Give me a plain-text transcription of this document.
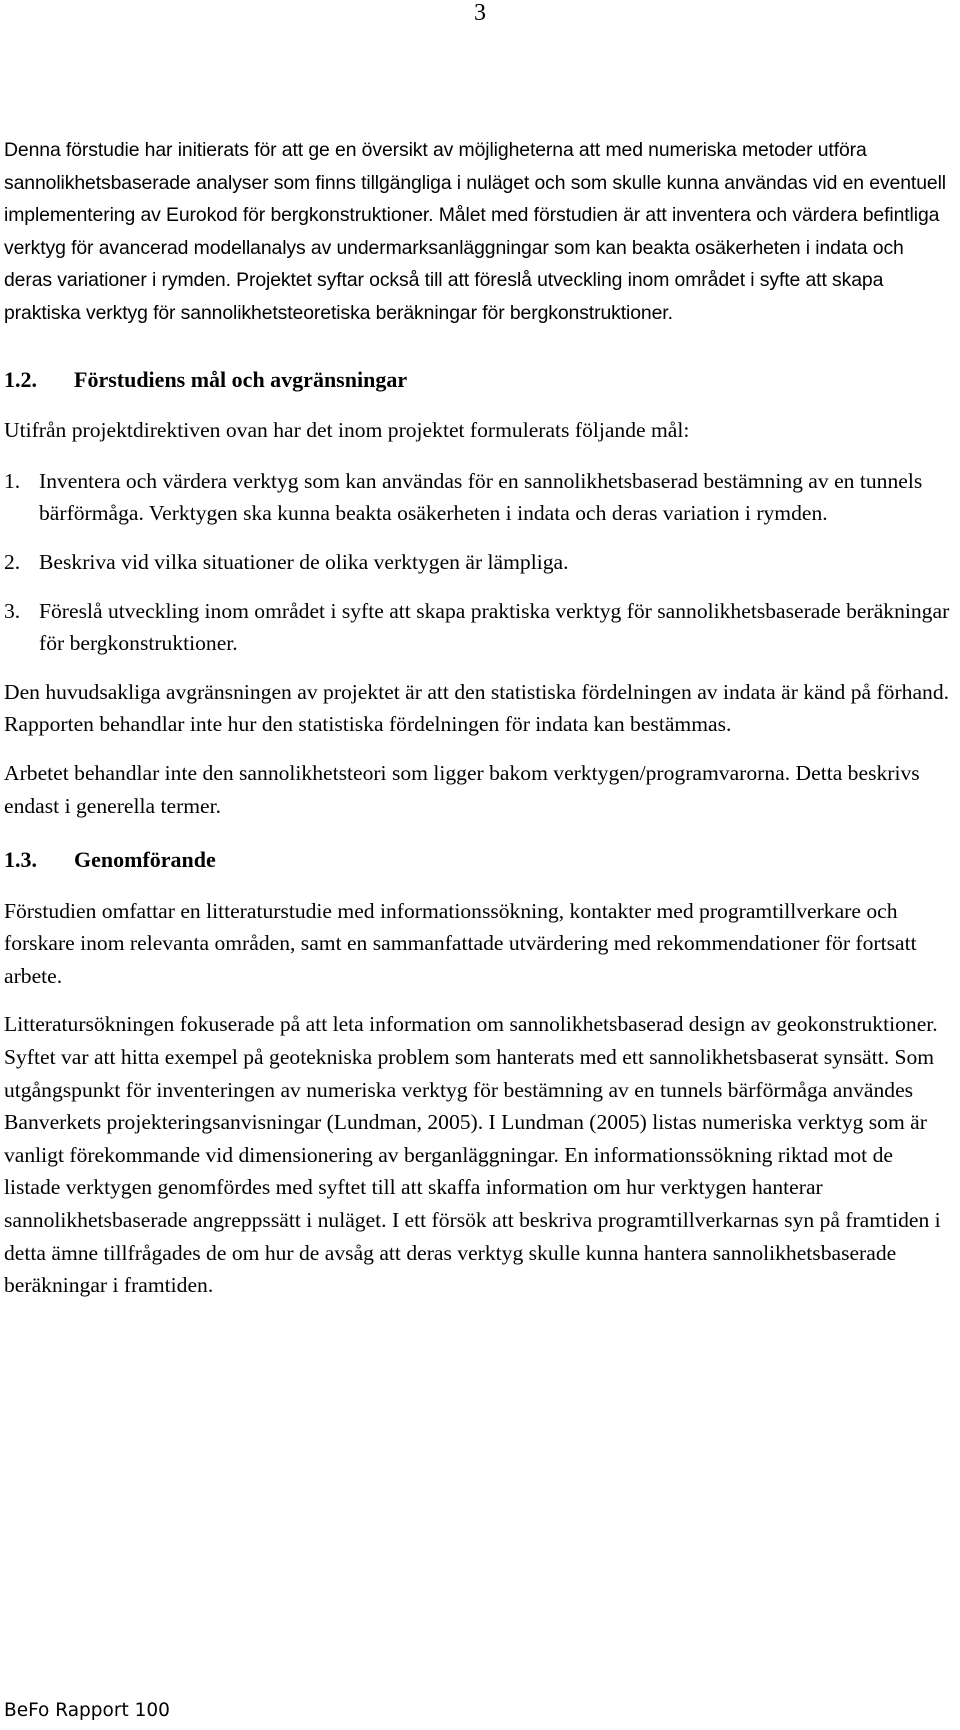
3

Denna förstudie har initierats för att ge en översikt av möjligheterna att med numeriska metoder utföra sannolikhetsbaserade analyser som finns tillgängliga i nuläget och som skulle kunna användas vid en eventuell implementering av Eurokod för bergkonstruktioner. Målet med förstudien är att inventera och värdera befintliga verktyg för avancerad modellanalys av undermarksanläggningar som kan beakta osäkerheten i indata och deras variationer i rymden. Projektet syftar också till att föreslå utveckling inom området i syfte att skapa praktiska verktyg för sannolikhetsteoretiska beräkningar för bergkonstruktioner.

1.2. Förstudiens mål och avgränsningar

Utifrån projektdirektiven ovan har det inom projektet formulerats följande mål:

1. Inventera och värdera verktyg som kan användas för en sannolikhetsbaserad bestämning av en tunnels bärförmåga. Verktygen ska kunna beakta osäkerheten i indata och deras variation i rymden.
2. Beskriva vid vilka situationer de olika verktygen är lämpliga.
3. Föreslå utveckling inom området i syfte att skapa praktiska verktyg för sannolikhetsbaserade beräkningar för bergkonstruktioner.

Den huvudsakliga avgränsningen av projektet är att den statistiska fördelningen av indata är känd på förhand. Rapporten behandlar inte hur den statistiska fördelningen för indata kan bestämmas.

Arbetet behandlar inte den sannolikhetsteori som ligger bakom verktygen/programvarorna. Detta beskrivs endast i generella termer.

1.3. Genomförande

Förstudien omfattar en litteraturstudie med informationssökning, kontakter med programtillverkare och forskare inom relevanta områden, samt en sammanfattade utvärdering med rekommendationer för fortsatt arbete.

Litteratursökningen fokuserade på att leta information om sannolikhetsbaserad design av geokonstruktioner. Syftet var att hitta exempel på geotekniska problem som hanterats med ett sannolikhetsbaserat synsätt. Som utgångspunkt för inventeringen av numeriska verktyg för bestämning av en tunnels bärförmåga användes Banverkets projekteringsanvisningar (Lundman, 2005). I Lundman (2005) listas numeriska verktyg som är vanligt förekommande vid dimensionering av berganläggningar. En informationssökning riktad mot de listade verktygen genomfördes med syftet till att skaffa information om hur verktygen hanterar sannolikhetsbaserade angreppssätt i nuläget. I ett försök att beskriva programtillverkarnas syn på framtiden i detta ämne tillfrågades de om hur de avsåg att deras verktyg skulle kunna hantera sannolikhetsbaserade beräkningar i framtiden.

BeFo Rapport 100
